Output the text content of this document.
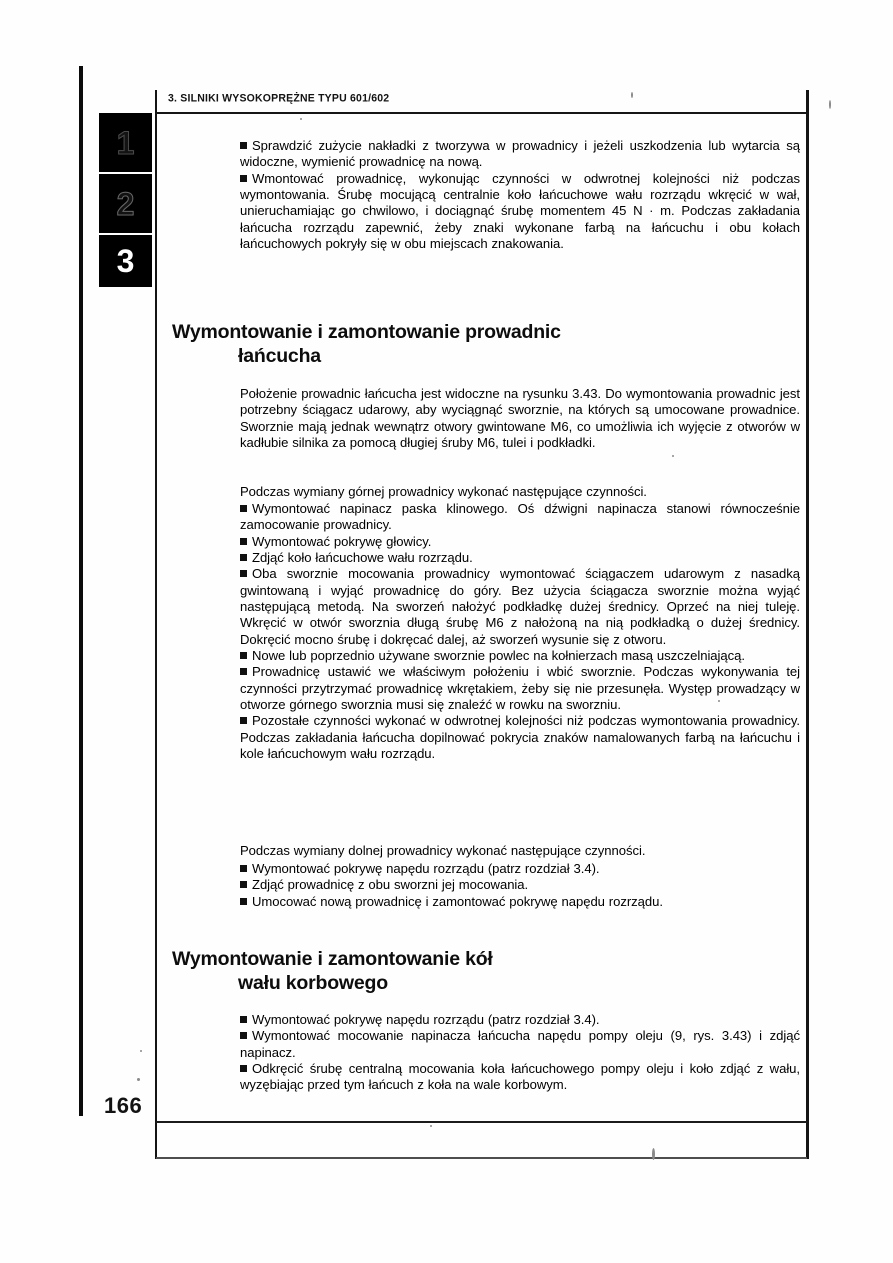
3. SILNIKI WYSOKOPRĘŻNE TYPU 601/602
1
2
3
166

Sprawdzić zużycie nakładki z tworzywa w prowadnicy i jeżeli uszkodzenia lub wytarcia są widoczne, wymienić prowadnicę na nową.

Wmontować prowadnicę, wykonując czynności w odwrotnej kolejności niż podczas wymontowania. Śrubę mocującą centralnie koło łańcuchowe wału rozrządu wkręcić w wał, unieruchamiając go chwilowo, i dociągnąć śrubę momentem 45 N · m. Podczas zakładania łańcucha rozrządu zapewnić, żeby znaki wykonane farbą na łańcuchu i obu kołach łańcuchowych pokryły się w obu miejscach znakowania.

Wymontowanie i zamontowanie prowadnic
łańcucha

Położenie prowadnic łańcucha jest widoczne na rysunku 3.43. Do wymontowania prowadnic jest potrzebny ściągacz udarowy, aby wyciągnąć sworznie, na których są umocowane prowadnice. Sworznie mają jednak wewnątrz otwory gwintowane M6, co umożliwia ich wyjęcie z otworów w kadłubie silnika za pomocą długiej śruby M6, tulei i podkładki.

Podczas wymiany górnej prowadnicy wykonać następujące czynności.

Wymontować napinacz paska klinowego. Oś dźwigni napinacza stanowi równocześnie zamocowanie prowadnicy.

Wymontować pokrywę głowicy.

Zdjąć koło łańcuchowe wału rozrządu.

Oba sworznie mocowania prowadnicy wymontować ściągaczem udarowym z nasadką gwintowaną i wyjąć prowadnicę do góry. Bez użycia ściągacza sworznie można wyjąć następującą metodą. Na sworzeń nałożyć podkładkę dużej średnicy. Oprzeć na niej tuleję. Wkręcić w otwór sworznia długą śrubę M6 z nałożoną na nią podkładką o dużej średnicy. Dokręcić mocno śrubę i dokręcać dalej, aż sworzeń wysunie się z otworu.

Nowe lub poprzednio używane sworznie powlec na kołnierzach masą uszczelniającą.

Prowadnicę ustawić we właściwym położeniu i wbić sworznie. Podczas wykonywania tej czynności przytrzymać prowadnicę wkrętakiem, żeby się nie przesunęła. Występ prowadzący w otworze górnego sworznia musi się znaleźć w rowku na sworzniu.

Pozostałe czynności wykonać w odwrotnej kolejności niż podczas wymontowania prowadnicy. Podczas zakładania łańcucha dopilnować pokrycia znaków namalowanych farbą na łańcuchu i kole łańcuchowym wału rozrządu.

Podczas wymiany dolnej prowadnicy wykonać następujące czynności.

Wymontować pokrywę napędu rozrządu (patrz rozdział 3.4).

Zdjąć prowadnicę z obu sworzni jej mocowania.

Umocować nową prowadnicę i zamontować pokrywę napędu rozrządu.

Wymontowanie i zamontowanie kół
wału korbowego

Wymontować pokrywę napędu rozrządu (patrz rozdział 3.4).

Wymontować mocowanie napinacza łańcucha napędu pompy oleju (9, rys. 3.43) i zdjąć napinacz.

Odkręcić śrubę centralną mocowania koła łańcuchowego pompy oleju i koło zdjąć z wału, wyzębiając przed tym łańcuch z koła na wale korbowym.
